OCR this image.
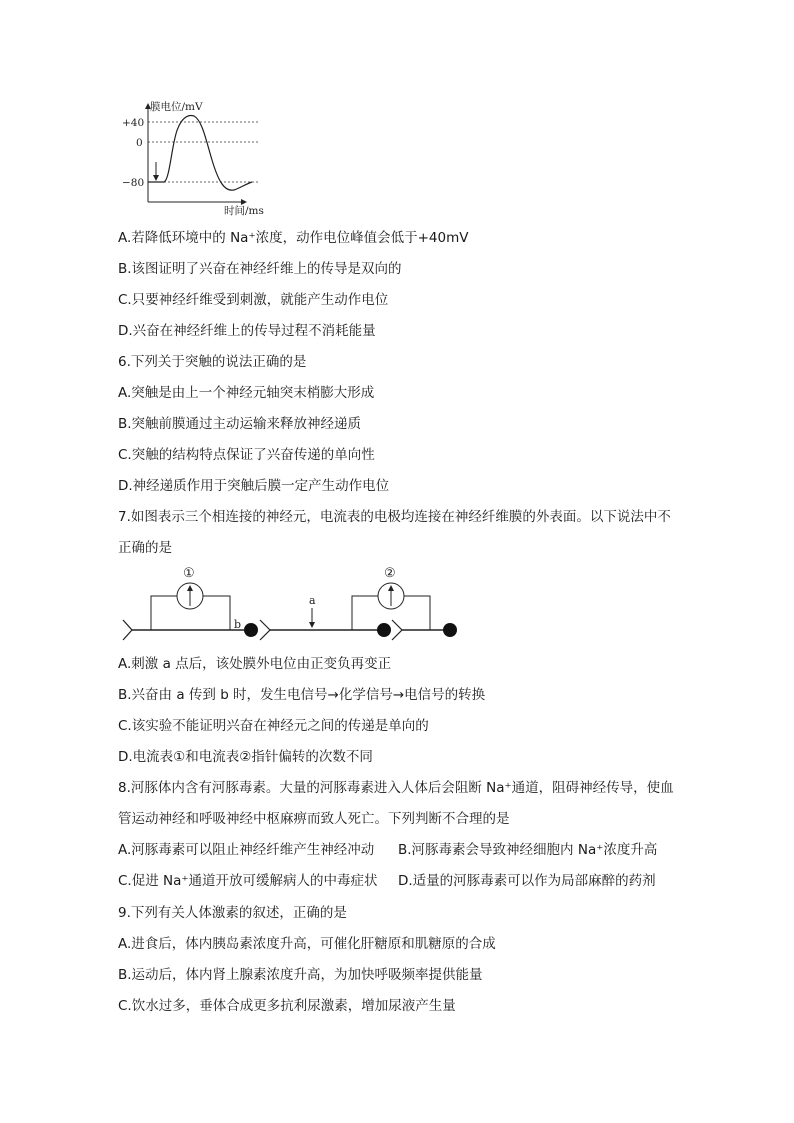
膜电位/mV
时间/ms
+40
0
−80
A.若降低环境中的 Na⁺浓度，动作电位峰值会低于+40mV
B.该图证明了兴奋在神经纤维上的传导是双向的
C.只要神经纤维受到刺激，就能产生动作电位
D.兴奋在神经纤维上的传导过程不消耗能量
6.下列关于突触的说法正确的是
A.突触是由上一个神经元轴突末梢膨大形成
B.突触前膜通过主动运输来释放神经递质
C.突触的结构特点保证了兴奋传递的单向性
D.神经递质作用于突触后膜一定产生动作电位
7.如图表示三个相连接的神经元，电流表的电极均连接在神经纤维膜的外表面。以下说法中不
正确的是
①
b
a
②
A.刺激 a 点后，该处膜外电位由正变负再变正
B.兴奋由 a 传到 b 时，发生电信号→化学信号→电信号的转换
C.该实验不能证明兴奋在神经元之间的传递是单向的
D.电流表①和电流表②指针偏转的次数不同
8.河豚体内含有河豚毒素。大量的河豚毒素进入人体后会阻断 Na⁺通道，阻碍神经传导，使血
管运动神经和呼吸神经中枢麻痹而致人死亡。下列判断不合理的是
A.河豚毒素可以阻止神经纤维产生神经冲动 B.河豚毒素会导致神经细胞内 Na⁺浓度升高
C.促进 Na⁺通道开放可缓解病人的中毒症状 D.适量的河豚毒素可以作为局部麻醉的药剂
9.下列有关人体激素的叙述，正确的是
A.进食后，体内胰岛素浓度升高，可催化肝糖原和肌糖原的合成
B.运动后，体内肾上腺素浓度升高，为加快呼吸频率提供能量
C.饮水过多，垂体合成更多抗利尿激素，增加尿液产生量
